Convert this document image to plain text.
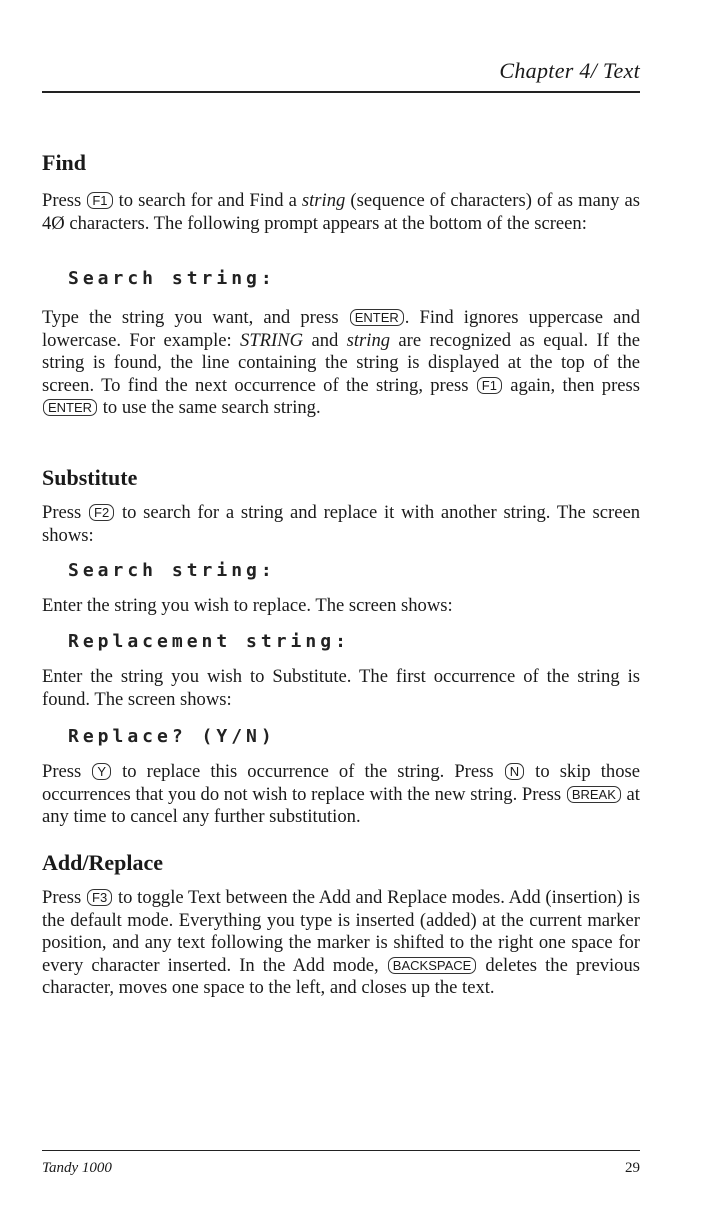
Chapter 4/ Text
Find

Press F1 to search for and Find a string (sequence of characters) of as many as 4Ø characters. The following prompt appears at the bottom of the screen:

Search string:

Type the string you want, and press ENTER . Find ignores uppercase and lowercase. For example: STRING and string are recognized as equal. If the string is found, the line containing the string is displayed at the top of the screen. To find the next occurrence of the string, press F1 again, then press ENTER to use the same search string.

Substitute

Press F2 to search for a string and replace it with another string. The screen shows:

Search string:

Enter the string you wish to replace. The screen shows:

Replacement string:

Enter the string you wish to Substitute. The first occurrence of the string is found. The screen shows:

Replace? (Y/N)

Press Y to replace this occurrence of the string. Press N to skip those occurrences that you do not wish to replace with the new string. Press BREAK at any time to cancel any further substitution.

Add/Replace

Press F3 to toggle Text between the Add and Replace modes. Add (insertion) is the default mode. Everything you type is inserted (added) at the current marker position, and any text following the marker is shifted to the right one space for every character inserted. In the Add mode, BACKSPACE deletes the previous character, moves one space to the left, and closes up the text.

Tandy 1000	29
